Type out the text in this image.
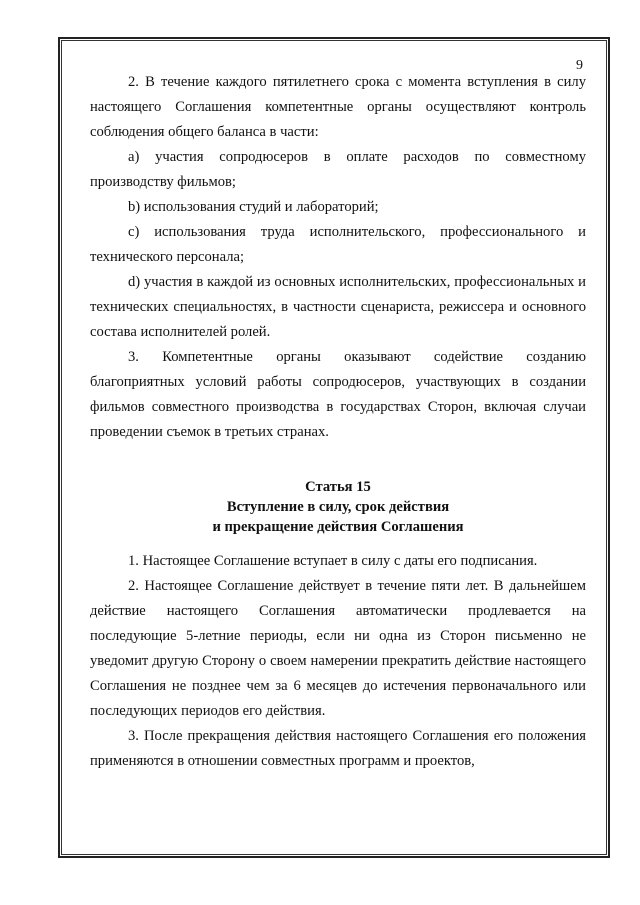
9

2. В течение каждого пятилетнего срока с момента вступления в силу настоящего Соглашения компетентные органы осуществляют контроль соблюдения общего баланса в части:

a) участия сопродюсеров в оплате расходов по совместному производству фильмов;

b) использования студий и лабораторий;

c) использования труда исполнительского, профессионального и технического персонала;

d) участия в каждой из основных исполнительских, профессиональных и технических специальностях, в частности сценариста, режиссера и основного состава исполнителей ролей.

3. Компетентные органы оказывают содействие созданию благоприятных условий работы сопродюсеров, участвующих в создании фильмов совместного производства в государствах Сторон, включая случаи проведении съемок в третьих странах.

Статья 15
Вступление в силу, срок действия
и прекращение действия Соглашения

1. Настоящее Соглашение вступает в силу с даты его подписания.

2. Настоящее Соглашение действует в течение пяти лет. В дальнейшем действие настоящего Соглашения автоматически продлевается на последующие 5-летние периоды, если ни одна из Сторон письменно не уведомит другую Сторону о своем намерении прекратить действие настоящего Соглашения не позднее чем за 6 месяцев до истечения первоначального или последующих периодов его действия.

3. После прекращения действия настоящего Соглашения его положения применяются в отношении совместных программ и проектов,
